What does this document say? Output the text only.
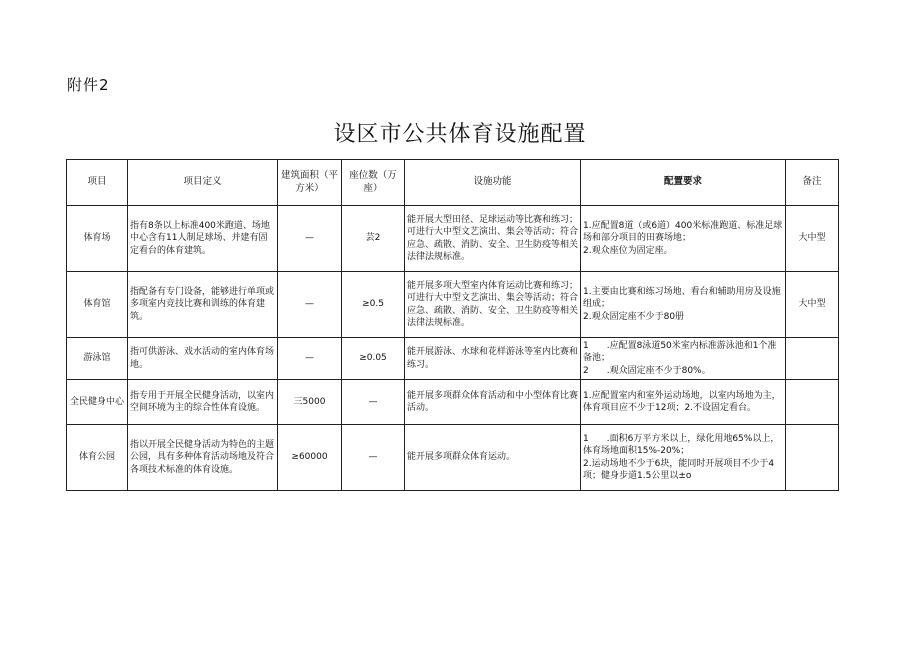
附件2
设区市公共体育设施配置
项目	项目定义	建筑面积（平方米）	座位数（万座）	设施功能	配置要求	备注
体育场	指有8条以上标准400米跑道、场地中心含有11人制足球场、并建有固定看台的体育建筑。	—	芸2	能开展大型田径、足球运动等比赛和练习；可进行大中型文艺演出、集会等活动；符合应急、疏散、消防、安全、卫生防疫等相关法律法规标准。	1.应配置8道（或6道）400米标准跑道、标准足球场和部分项目的田赛场地；
2.观众座位为固定座。	大中型
体育馆	指配备有专门设备，能够进行单项或多项室内竞技比赛和训练的体育建筑。	—	≥0.5	能开展多项大型室内体育运动比赛和练习；可进行大中型文艺演出、集会等活动；符合应急、疏散、消防、安全、卫生防疫等相关法律法规标准。	1.主要由比赛和练习场地、看台和辅助用房及设施组成；
2.观众固定座不少于80册	大中型
游泳馆	指可供游泳、戏水活动的室内体育场地。	—	≥0.05	能开展游泳、水球和花样游泳等室内比赛和练习。	1　　.应配置8泳道50米室内标准游泳池和1个准备池；
2　　.观众固定座不少于80%。	

全民健身中心	指专用于开展全民健身活动，以室内空间环境为主的综合性体育设施。	三5000	—	能开展多项群众体育活动和中小型体育比赛活动。	1.应配置室内和室外运动场地，以室内场地为主，体育项目应不少于12项；2.不设固定看台。	

体育公园	指以开展全民健身活动为特色的主题公园，具有多种体育活动场地及符合各项技术标准的体育设施。	≥60000	—	能开展多项群众体育运动。	1　　.面积6万平方米以上，绿化用地65%以上，体育场地面积15%-20%；
2.运动场地不少于6块，能同时开展项目不少于4项；健身步道1.5公里以±o	
